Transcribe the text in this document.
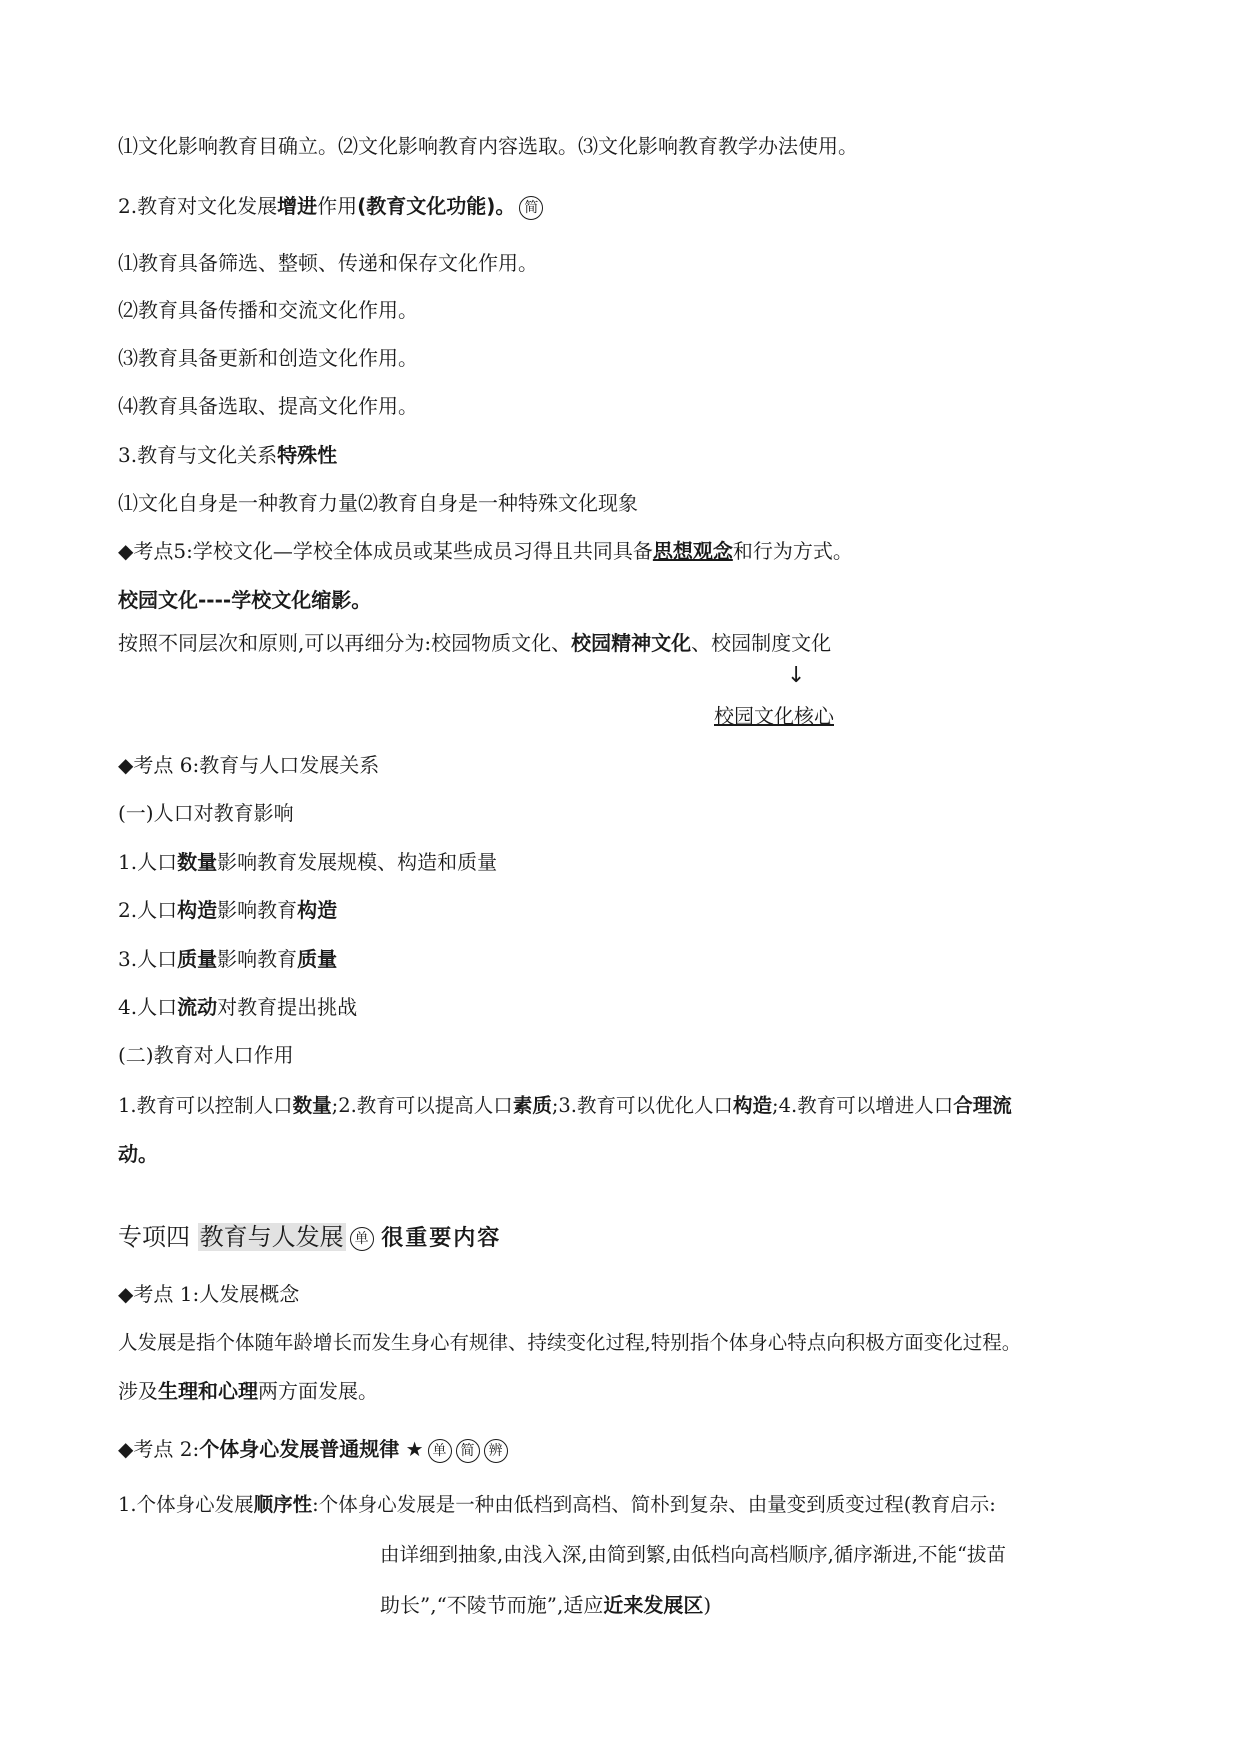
⑴文化影响教育目确立。⑵文化影响教育内容选取。⑶文化影响教育教学办法使用。
2.教育对文化发展增进作用(教育文化功能)。 简
⑴教育具备筛选、整顿、传递和保存文化作用。
⑵教育具备传播和交流文化作用。
⑶教育具备更新和创造文化作用。
⑷教育具备选取、提高文化作用。
3.教育与文化关系特殊性
⑴文化自身是一种教育力量⑵教育自身是一种特殊文化现象
◆考点5:学校文化—学校全体成员或某些成员习得且共同具备思想观念和行为方式。
校园文化----学校文化缩影。
按照不同层次和原则,可以再细分为:校园物质文化、校园精神文化、校园制度文化
↓
校园文化核心
◆考点 6:教育与人口发展关系
(一)人口对教育影响
1.人口数量影响教育发展规模、构造和质量
2.人口构造影响教育构造
3.人口质量影响教育质量
4.人口流动对教育提出挑战
(二)教育对人口作用
1.教育可以控制人口数量;2.教育可以提高人口素质;3.教育可以优化人口构造;4.教育可以增进人口合理流
动。
专项四 教育与人发展 单 很重要内容
◆考点 1:人发展概念
人发展是指个体随年龄增长而发生身心有规律、持续变化过程,特别指个体身心特点向积极方面变化过程。
涉及生理和心理两方面发展。
◆考点 2:个体身心发展普通规律 ★ 单 简 辨
1.个体身心发展顺序性:个体身心发展是一种由低档到高档、简朴到复杂、由量变到质变过程(教育启示:
由详细到抽象,由浅入深,由简到繁,由低档向高档顺序,循序渐进,不能“拔苗
助长”,“不陵节而施”,适应近来发展区)
